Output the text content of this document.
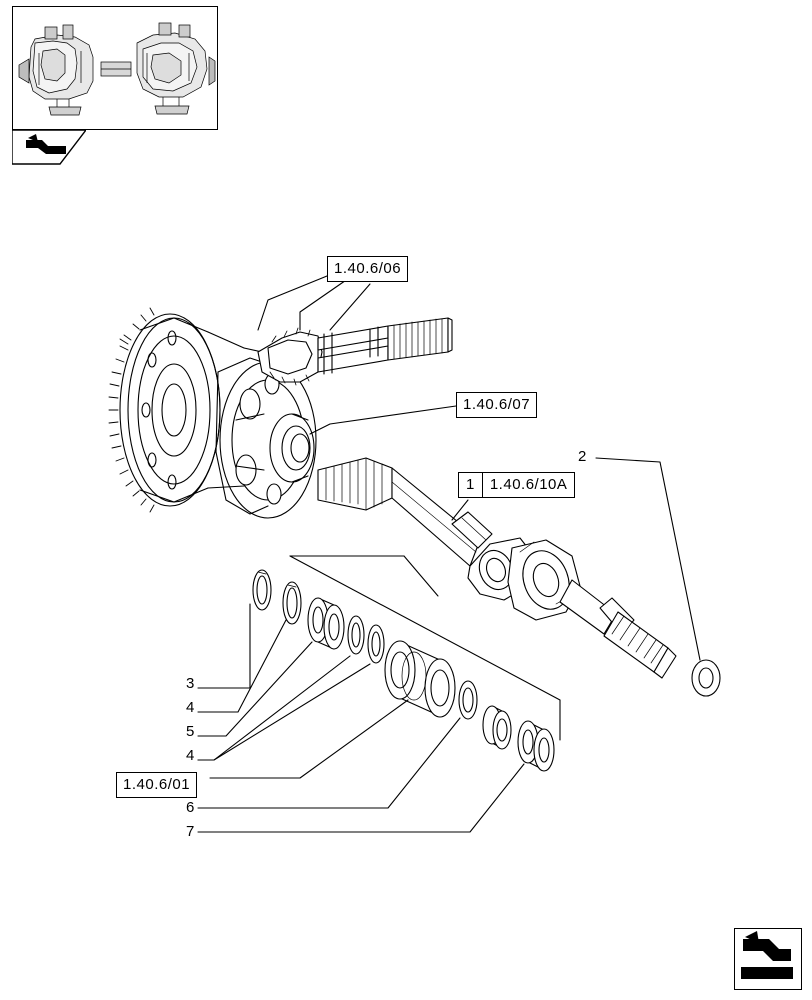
1.40.6/06
1.40.6/07
1	1.40.6/10A
1.40.6/01
2
3
4
5
4
6
7
